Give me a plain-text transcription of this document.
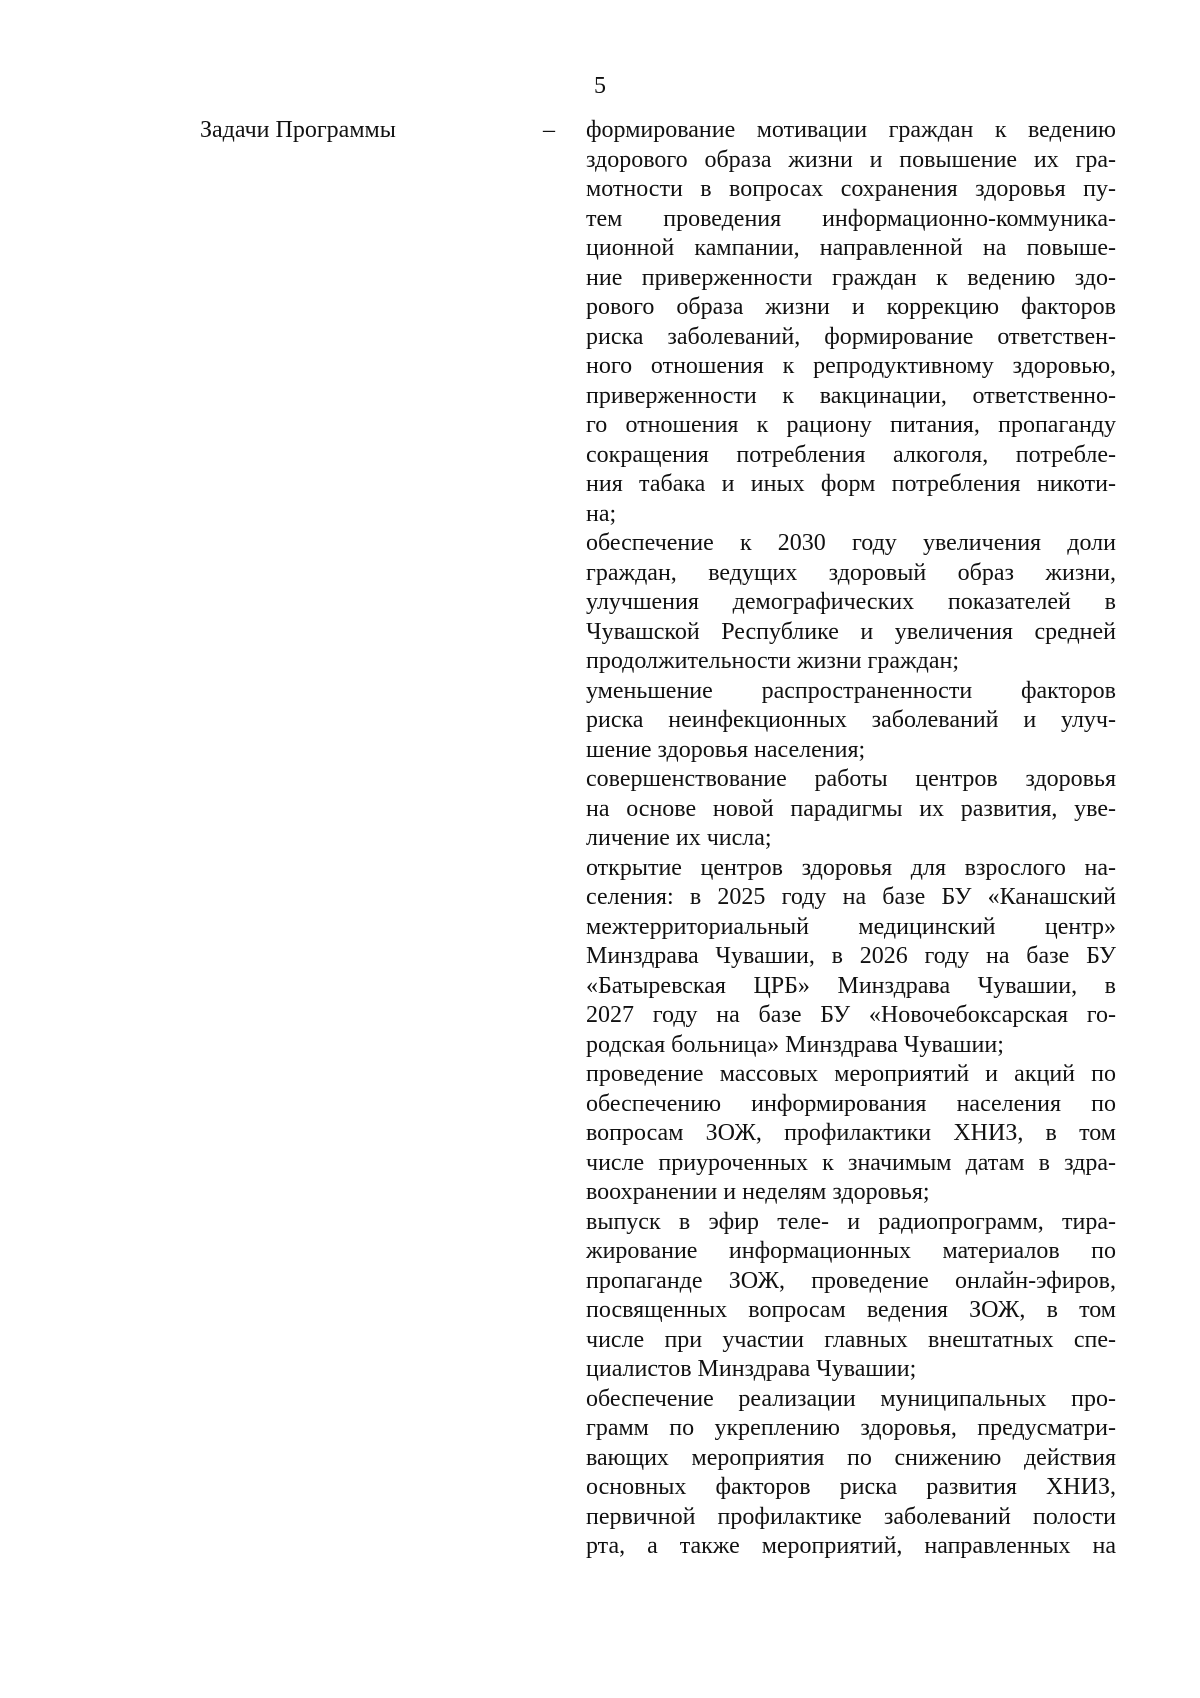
5
Задачи Программы	– формирование мотивации граждан к ведению
здорового образа жизни и повышение их гра-
мотности в вопросах сохранения здоровья пу-
тем проведения информационно-коммуника-
ционной кампании, направленной на повыше-
ние приверженности граждан к ведению здо-
рового образа жизни и коррекцию факторов
риска заболеваний, формирование ответствен-
ного отношения к репродуктивному здоровью,
приверженности к вакцинации, ответственно-
го отношения к рациону питания, пропаганду
сокращения потребления алкоголя, потребле-
ния табака и иных форм потребления никоти-
на;
обеспечение к 2030 году увеличения доли
граждан, ведущих здоровый образ жизни,
улучшения демографических показателей в
Чувашской Республике и увеличения средней
продолжительности жизни граждан;
уменьшение распространенности факторов
риска неинфекционных заболеваний и улуч-
шение здоровья населения;
совершенствование работы центров здоровья
на основе новой парадигмы их развития, уве-
личение их числа;
открытие центров здоровья для взрослого на-
селения: в 2025 году на базе БУ «Канашский
межтерриториальный медицинский центр»
Минздрава Чувашии, в 2026 году на базе БУ
«Батыревская ЦРБ» Минздрава Чувашии, в
2027 году на базе БУ «Новочебоксарская го-
родская больница» Минздрава Чувашии;
проведение массовых мероприятий и акций по
обеспечению информирования населения по
вопросам ЗОЖ, профилактики ХНИЗ, в том
числе приуроченных к значимым датам в здра-
воохранении и неделям здоровья;
выпуск в эфир теле- и радиопрограмм, тира-
жирование информационных материалов по
пропаганде ЗОЖ, проведение онлайн-эфиров,
посвященных вопросам ведения ЗОЖ, в том
числе при участии главных внештатных спе-
циалистов Минздрава Чувашии;
обеспечение реализации муниципальных про-
грамм по укреплению здоровья, предусматри-
вающих мероприятия по снижению действия
основных факторов риска развития ХНИЗ,
первичной профилактике заболеваний полости
рта, а также мероприятий, направленных на
